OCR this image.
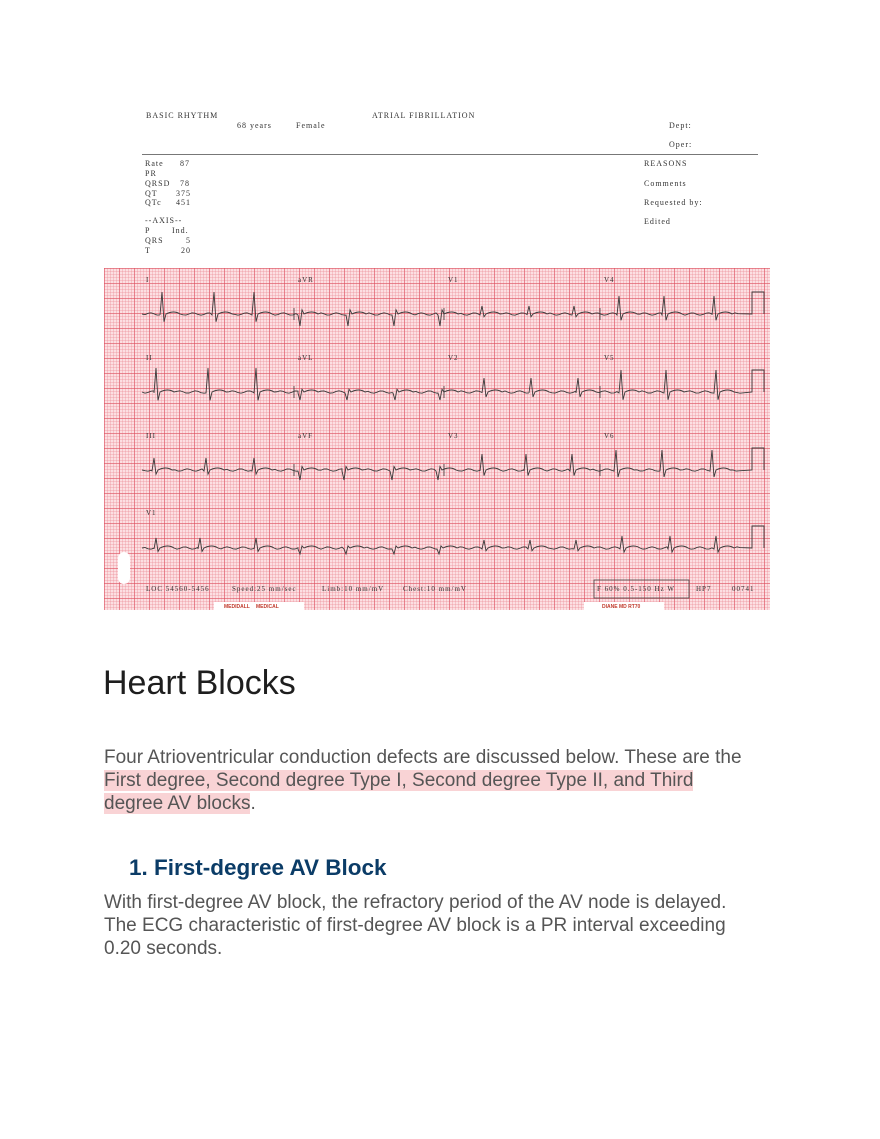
BASIC RHYTHM	ATRIAL FIBRILLATION
68 years	Female	Dept:
Oper:
Rate 87
PR
QRSD 78
QT 375
QTc 451
--AXIS--
P	Ind.
QRS	5
T	20
REASONS
Comments
Requested by:
Edited
I	aVR	V1	V4
II	aVL	V2	V5
III	aVF	V3	V6
V1
LOC 54560-5456	Speed:25 mm/sec	Limb:10 mm/mV	Chest:10 mm/mV	F 60% 0.5-150 Hz W	HP7	00741
MEDIDALL MEDICAL	DIANE MD RT70
Heart Blocks

Four Atrioventricular conduction defects are discussed below. These are the First degree, Second degree Type I, Second degree Type II, and Third degree AV blocks.

1. First-degree AV Block

With first-degree AV block, the refractory period of the AV node is delayed. The ECG characteristic of first-degree AV block is a PR interval exceeding 0.20 seconds.
